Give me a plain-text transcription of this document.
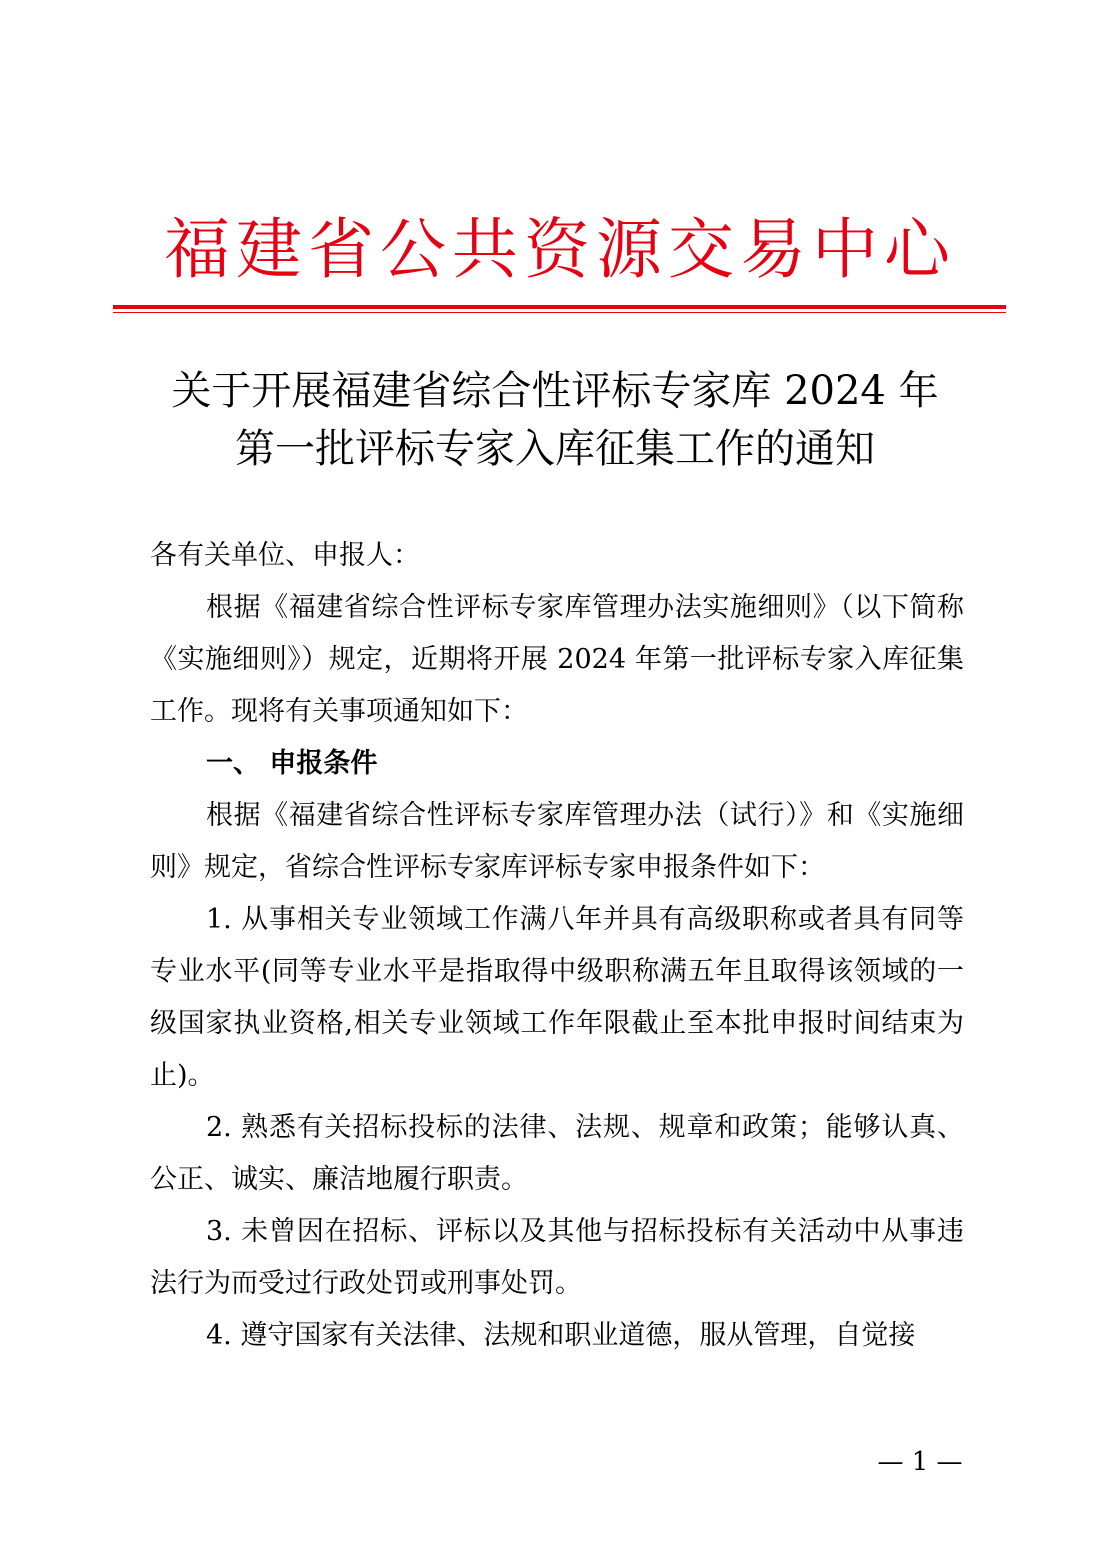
福建省公共资源交易中心
关于开展福建省综合性评标专家库 2024 年
第一批评标专家入库征集工作的通知
各有关单位、申报人：
根据《福建省综合性评标专家库管理办法实施细则》（以下简称《实施细则》）规定，近期将开展 2024 年第一批评标专家入库征集工作。现将有关事项通知如下：
一、 申报条件
根据《福建省综合性评标专家库管理办法（试行）》和《实施细则》规定，省综合性评标专家库评标专家申报条件如下：
1. 从事相关专业领域工作满八年并具有高级职称或者具有同等专业水平(同等专业水平是指取得中级职称满五年且取得该领域的一级国家执业资格,相关专业领域工作年限截止至本批申报时间结束为止)。
2. 熟悉有关招标投标的法律、法规、规章和政策；能够认真、公正、诚实、廉洁地履行职责。
3. 未曾因在招标、评标以及其他与招标投标有关活动中从事违法行为而受过行政处罚或刑事处罚。
4. 遵守国家有关法律、法规和职业道德，服从管理，自觉接
— 1 —
